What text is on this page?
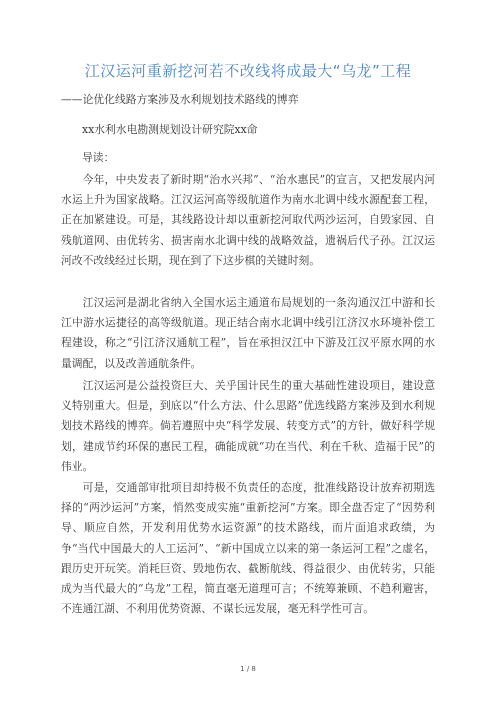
江汉运河重新挖河若不改线将成最大“乌龙”工程
——论优化线路方案涉及水利规划技术路线的博弈
xx水利水电勘测规划设计研究院xx命
导读：
今年，中央发表了新时期“治水兴邦”、“治水惠民”的宣言，又把发展内河水运上升为国家战略。江汉运河高等级航道作为南水北调中线水源配套工程，正在加紧建设。可是，其线路设计却以重新挖河取代两沙运河，自毁家园、自残航道网、由优转劣、损害南水北调中线的战略效益，遗祸后代子孙。江汉运河改不改线经过长期，现在到了下这步棋的关键时刻。
江汉运河是湖北省纳入全国水运主通道布局规划的一条沟通汉江中游和长江中游水运捷径的高等级航道。现正结合南水北调中线引江济汉水环境补偿工程建设，称之“引江济汉通航工程”，旨在承担汉江中下游及江汉平原水网的水量调配，以及改善通航条件。
江汉运河是公益投资巨大、关乎国计民生的重大基础性建设项目，建设意义特别重大。但是，到底以“什么方法、什么思路”优选线路方案涉及到水利规划技术路线的博弈。倘若遵照中央“科学发展、转变方式”的方针，做好科学规划，建成节约环保的惠民工程，确能成就“功在当代、利在千秋、造福于民”的伟业。
可是，交通部审批项目却持极不负责任的态度，批准线路设计放弃初期选择的“两沙运河”方案，悄然变成实施“重新挖河”方案。即全盘否定了“因势利导、顺应自然，开发利用优势水运资源”的技术路线，而片面追求政绩，为争“当代中国最大的人工运河”、“新中国成立以来的第一条运河工程”之虚名，跟历史开玩笑。消耗巨资、毁地伤农、截断航线、得益很少、由优转劣，只能成为当代最大的“乌龙”工程，简直毫无道理可言；不统筹兼顾、不趋利避害，不连通江湖、不利用优势资源、不谋长远发展，毫无科学性可言。
1 / 8
